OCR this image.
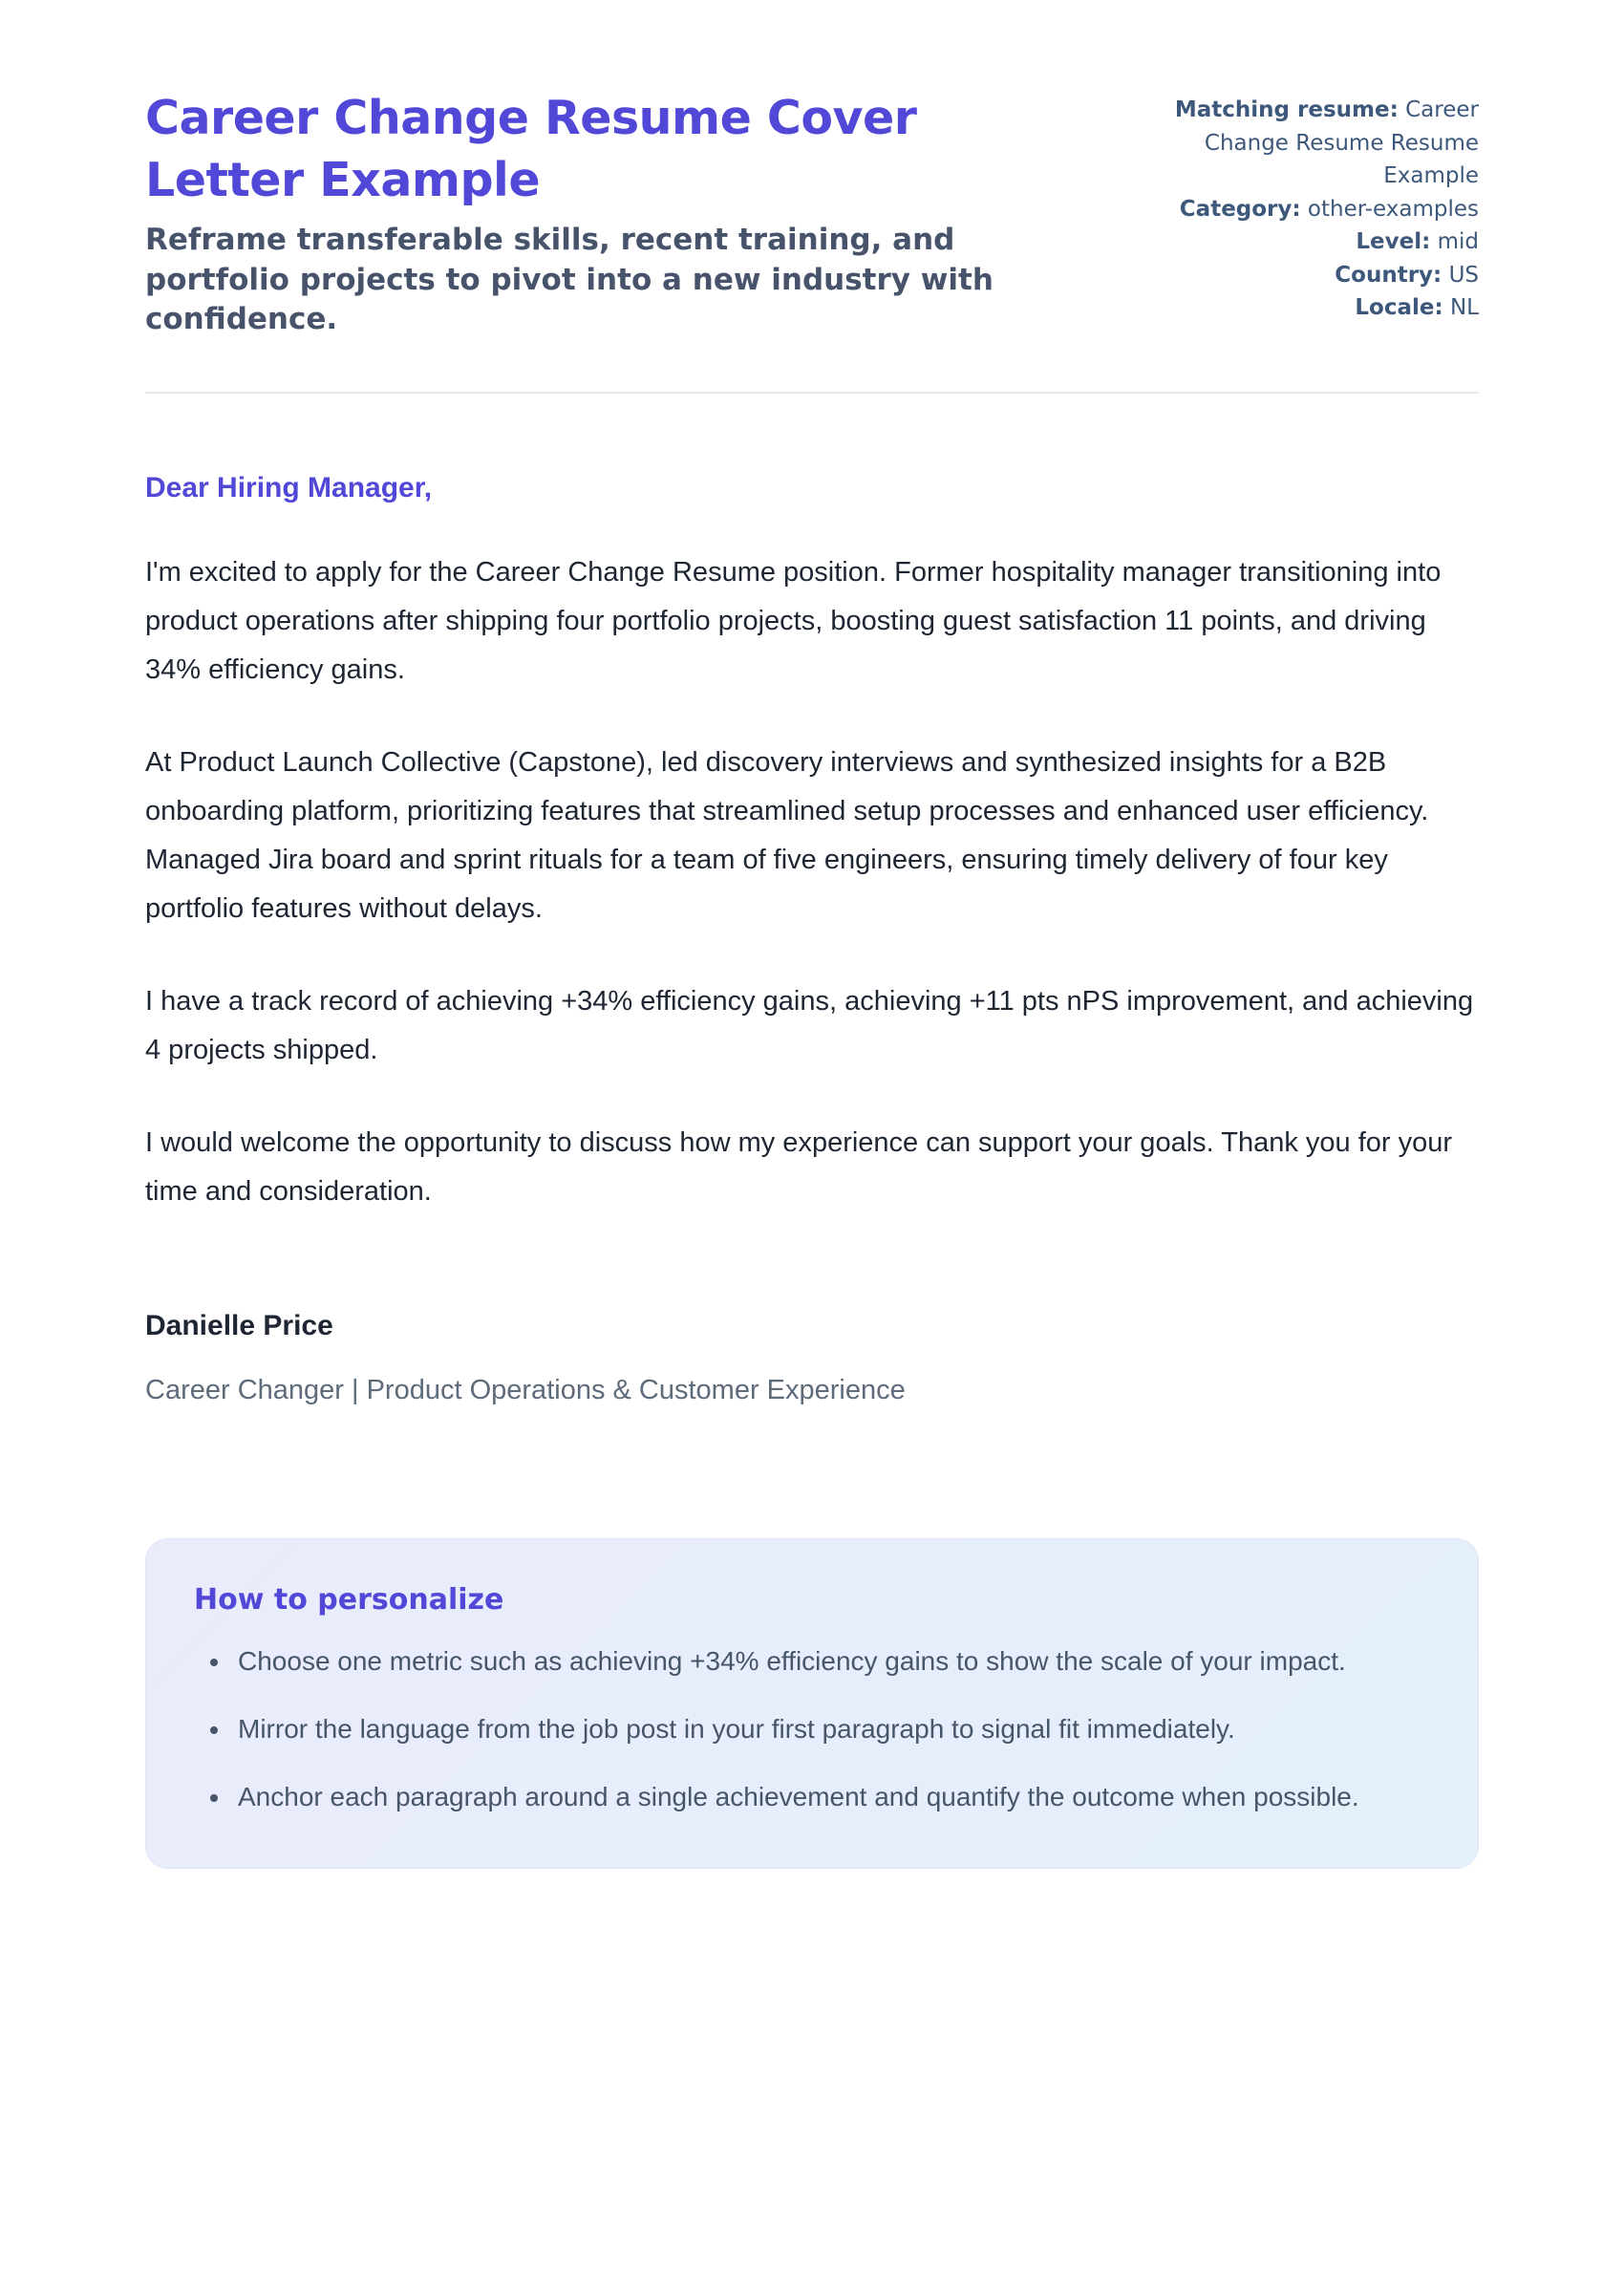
Career Change Resume Cover Letter Example

Reframe transferable skills, recent training, and portfolio projects to pivot into a new industry with confidence.

Matching resume: Career Change Resume Resume Example

Category: other-examples

Level: mid

Country: US

Locale: NL

Dear Hiring Manager,

I'm excited to apply for the Career Change Resume position. Former hospitality manager transitioning into product operations after shipping four portfolio projects, boosting guest satisfaction 11 points, and driving 34% efficiency gains.

At Product Launch Collective (Capstone), led discovery interviews and synthesized insights for a B2B onboarding platform, prioritizing features that streamlined setup processes and enhanced user efficiency. Managed Jira board and sprint rituals for a team of five engineers, ensuring timely delivery of four key portfolio features without delays.

I have a track record of achieving +34% efficiency gains, achieving +11 pts nPS improvement, and achieving 4 projects shipped.

I would welcome the opportunity to discuss how my experience can support your goals. Thank you for your time and consideration.

Danielle Price

Career Changer | Product Operations & Customer Experience

How to personalize
• Choose one metric such as achieving +34% efficiency gains to show the scale of your impact.
• Mirror the language from the job post in your first paragraph to signal fit immediately.
• Anchor each paragraph around a single achievement and quantify the outcome when possible.
